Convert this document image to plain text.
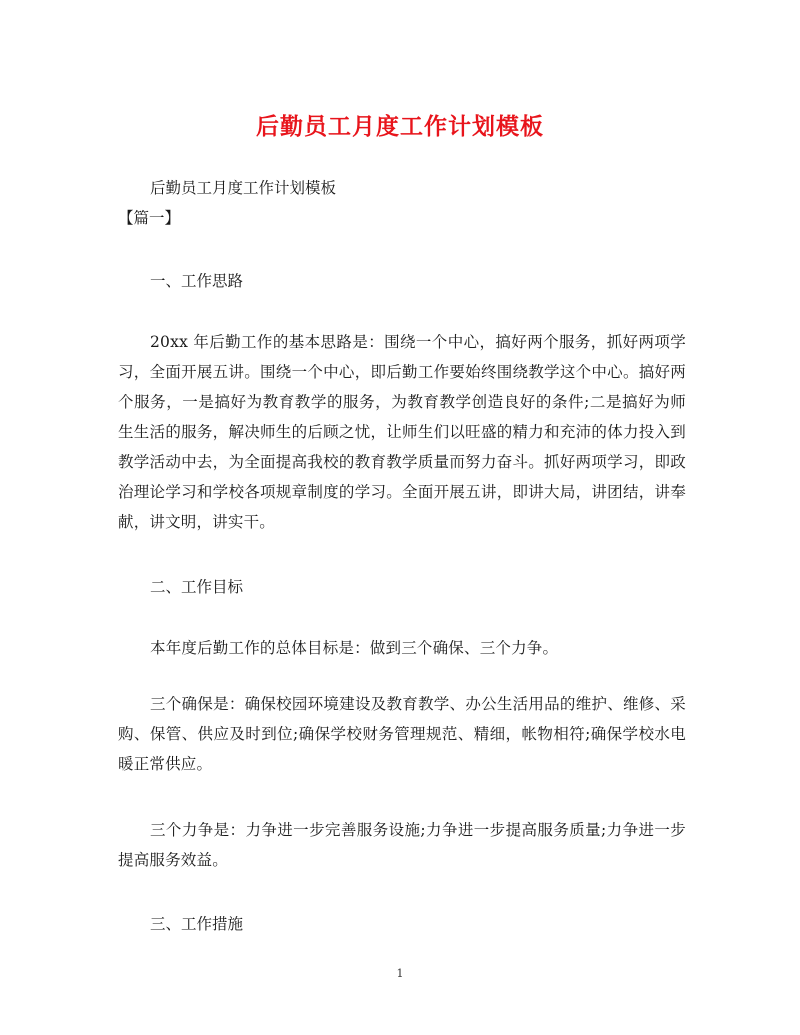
后勤员工月度工作计划模板

后勤员工月度工作计划模板

【篇一】

一、工作思路

20xx 年后勤工作的基本思路是：围绕一个中心，搞好两个服务，抓好两项学习，全面开展五讲。围绕一个中心，即后勤工作要始终围绕教学这个中心。搞好两个服务，一是搞好为教育教学的服务，为教育教学创造良好的条件;二是搞好为师生生活的服务，解决师生的后顾之忧，让师生们以旺盛的精力和充沛的体力投入到教学活动中去，为全面提高我校的教育教学质量而努力奋斗。抓好两项学习，即政治理论学习和学校各项规章制度的学习。全面开展五讲，即讲大局，讲团结，讲奉献，讲文明，讲实干。

二、工作目标

本年度后勤工作的总体目标是：做到三个确保、三个力争。

三个确保是：确保校园环境建设及教育教学、办公生活用品的维护、维修、采购、保管、供应及时到位;确保学校财务管理规范、精细，帐物相符;确保学校水电暖正常供应。

三个力争是：力争进一步完善服务设施;力争进一步提高服务质量;力争进一步提高服务效益。

三、工作措施

1
